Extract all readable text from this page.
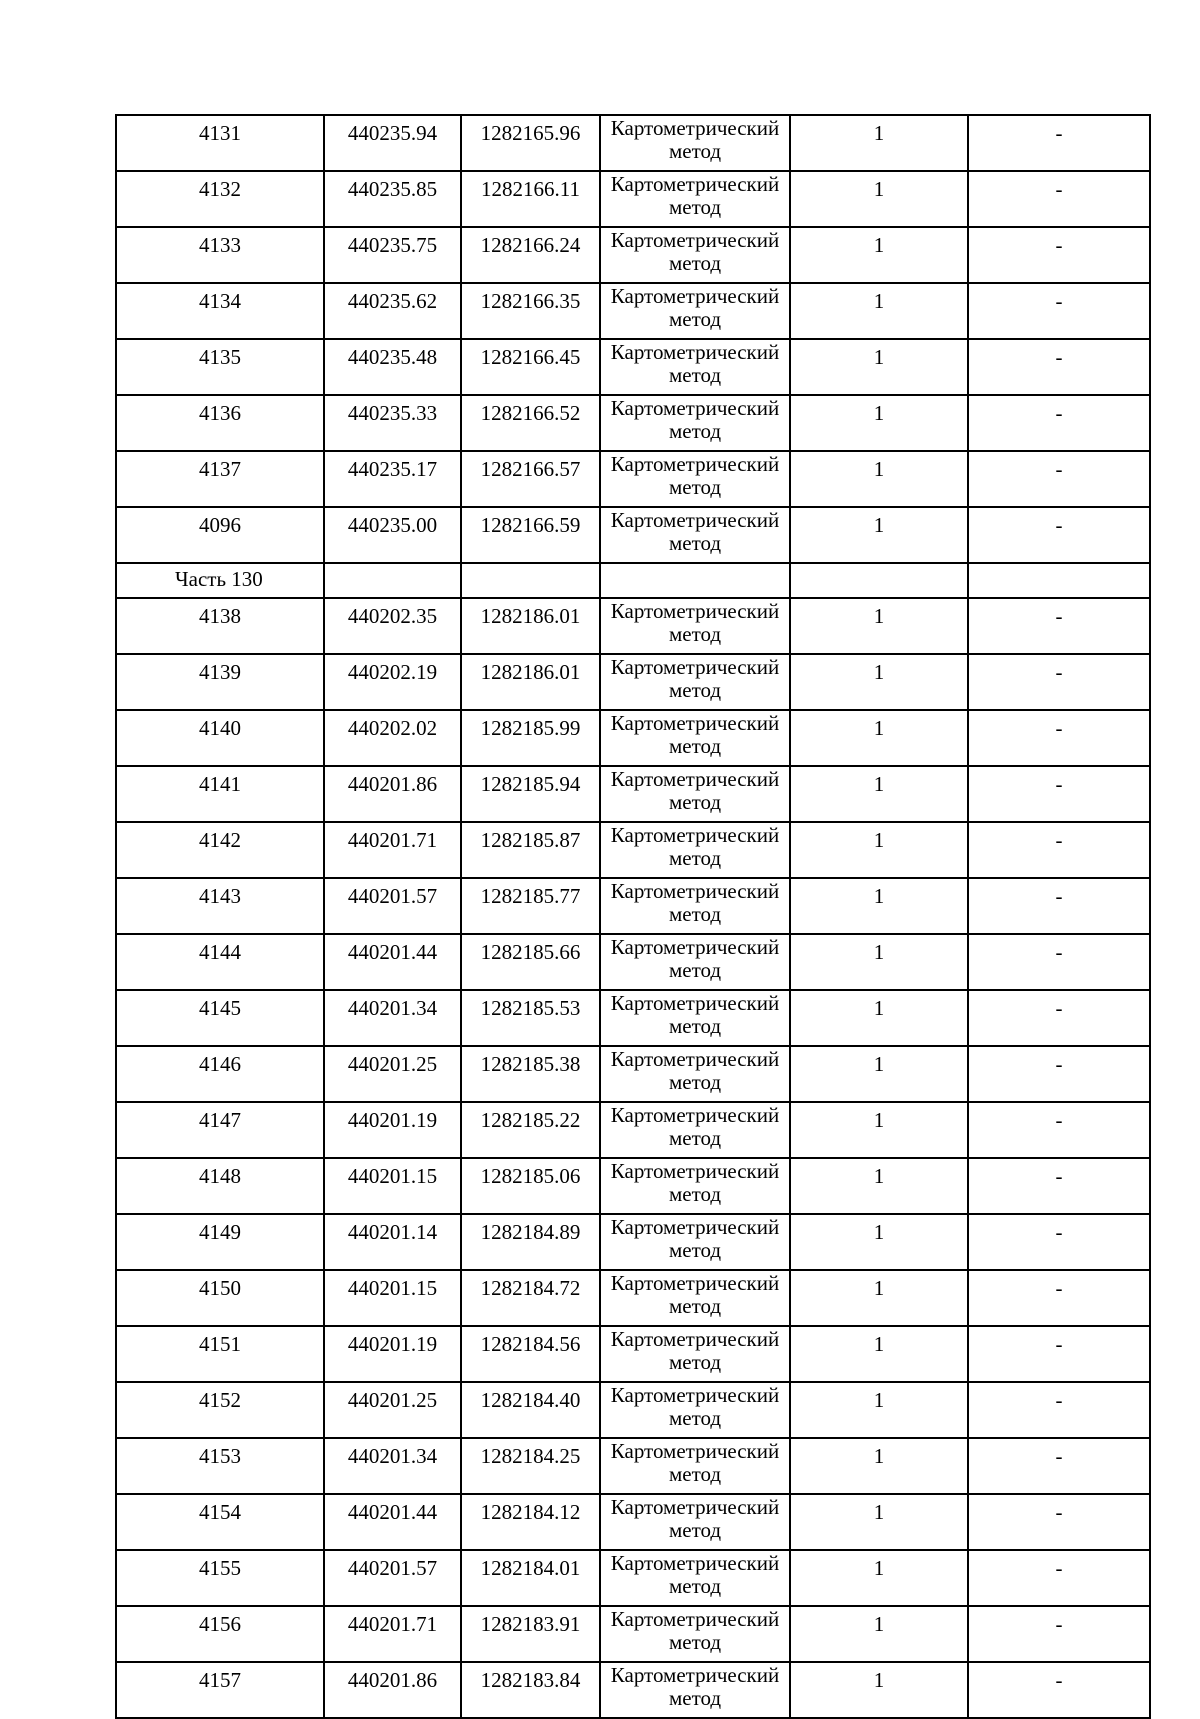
4131	440235.94	1282165.96	Картометрический метод	1	-
4132	440235.85	1282166.11	Картометрический метод	1	-
4133	440235.75	1282166.24	Картометрический метод	1	-
4134	440235.62	1282166.35	Картометрический метод	1	-
4135	440235.48	1282166.45	Картометрический метод	1	-
4136	440235.33	1282166.52	Картометрический метод	1	-
4137	440235.17	1282166.57	Картометрический метод	1	-
4096	440235.00	1282166.59	Картометрический метод	1	-
Часть 130					
4138	440202.35	1282186.01	Картометрический метод	1	-
4139	440202.19	1282186.01	Картометрический метод	1	-
4140	440202.02	1282185.99	Картометрический метод	1	-
4141	440201.86	1282185.94	Картометрический метод	1	-
4142	440201.71	1282185.87	Картометрический метод	1	-
4143	440201.57	1282185.77	Картометрический метод	1	-
4144	440201.44	1282185.66	Картометрический метод	1	-
4145	440201.34	1282185.53	Картометрический метод	1	-
4146	440201.25	1282185.38	Картометрический метод	1	-
4147	440201.19	1282185.22	Картометрический метод	1	-
4148	440201.15	1282185.06	Картометрический метод	1	-
4149	440201.14	1282184.89	Картометрический метод	1	-
4150	440201.15	1282184.72	Картометрический метод	1	-
4151	440201.19	1282184.56	Картометрический метод	1	-
4152	440201.25	1282184.40	Картометрический метод	1	-
4153	440201.34	1282184.25	Картометрический метод	1	-
4154	440201.44	1282184.12	Картометрический метод	1	-
4155	440201.57	1282184.01	Картометрический метод	1	-
4156	440201.71	1282183.91	Картометрический метод	1	-
4157	440201.86	1282183.84	Картометрический метод	1	-
